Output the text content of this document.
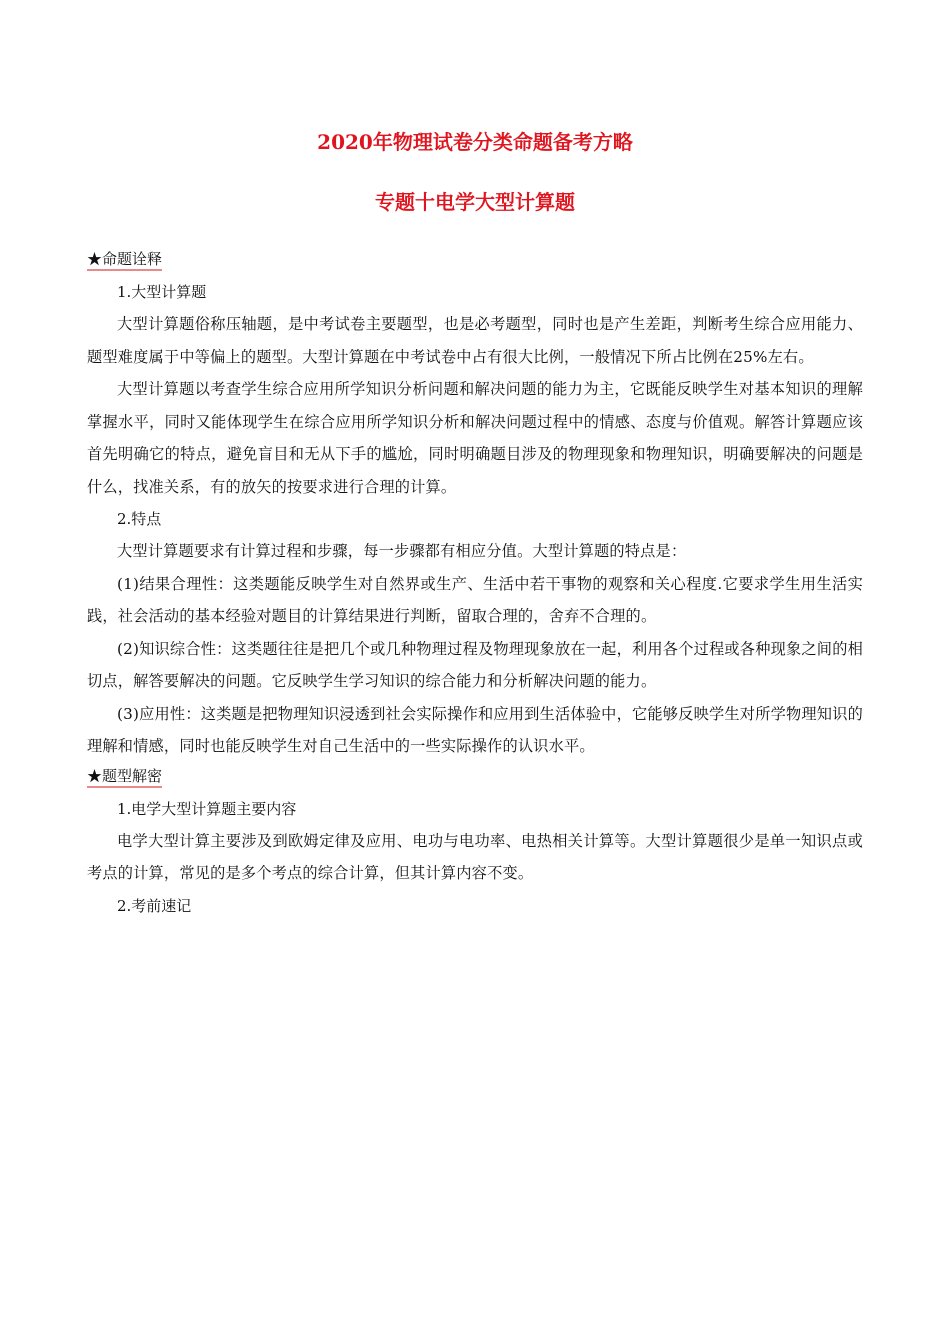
2020年物理试卷分类命题备考方略
专题十电学大型计算题
★命题诠释

1.大型计算题

大型计算题俗称压轴题，是中考试卷主要题型，也是必考题型，同时也是产生差距，判断考生综合应用能力、题型难度属于中等偏上的题型。大型计算题在中考试卷中占有很大比例，一般情况下所占比例在25%左右。

大型计算题以考查学生综合应用所学知识分析问题和解决问题的能力为主，它既能反映学生对基本知识的理解掌握水平，同时又能体现学生在综合应用所学知识分析和解决问题过程中的情感、态度与价值观。解答计算题应该首先明确它的特点，避免盲目和无从下手的尴尬，同时明确题目涉及的物理现象和物理知识，明确要解决的问题是什么，找准关系，有的放矢的按要求进行合理的计算。

2.特点

大型计算题要求有计算过程和步骤，每一步骤都有相应分值。大型计算题的特点是：

(1)结果合理性：这类题能反映学生对自然界或生产、生活中若干事物的观察和关心程度.它要求学生用生活实践，社会活动的基本经验对题目的计算结果进行判断，留取合理的，舍弃不合理的。

(2)知识综合性：这类题往往是把几个或几种物理过程及物理现象放在一起，利用各个过程或各种现象之间的相切点，解答要解决的问题。它反映学生学习知识的综合能力和分析解决问题的能力。

(3)应用性：这类题是把物理知识浸透到社会实际操作和应用到生活体验中，它能够反映学生对所学物理知识的理解和情感，同时也能反映学生对自己生活中的一些实际操作的认识水平。

★题型解密

1.电学大型计算题主要内容

电学大型计算主要涉及到欧姆定律及应用、电功与电功率、电热相关计算等。大型计算题很少是单一知识点或考点的计算，常见的是多个考点的综合计算，但其计算内容不变。

2.考前速记
